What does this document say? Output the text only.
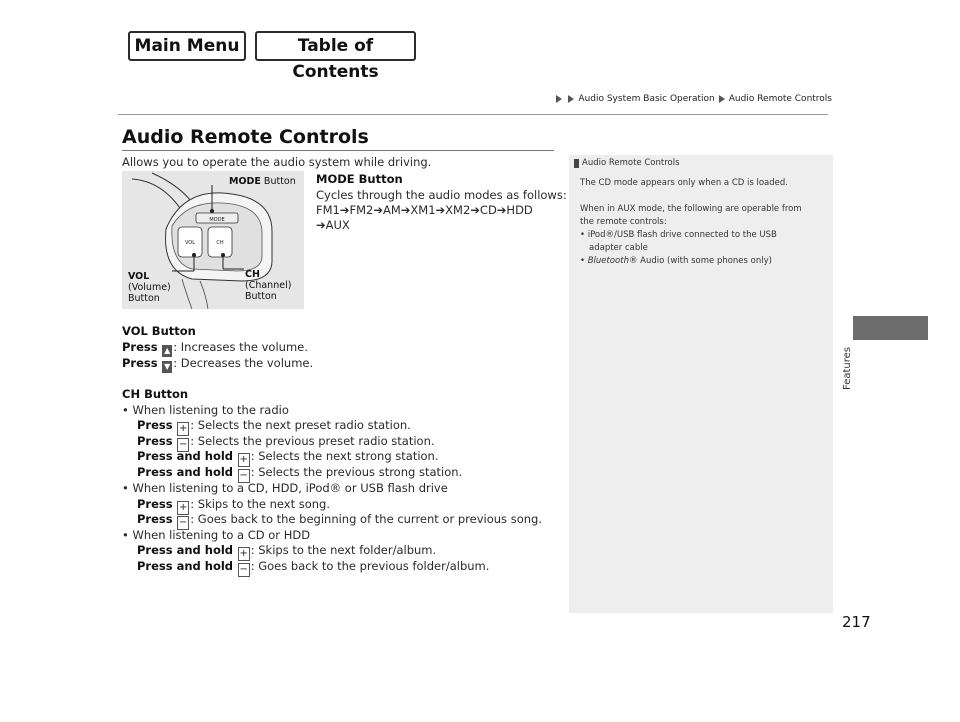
Main Menu	Table of Contents
Audio System Basic Operation Audio Remote Controls
Audio Remote Controls
Allows you to operate the audio system while driving.
MODE
VOL	CH
MODE Button
VOL
(Volume)
Button
CH
(Channel)
Button
MODE Button
Cycles through the audio modes as follows:
FM1➔FM2➔AM➔XM1➔XM2➔CD➔HDD
➔AUX
VOL Button
Press ▲ : Increases the volume.
Press ▼ : Decreases the volume.
CH Button
• When listening to the radio
Press + : Selects the next preset radio station.
Press − : Selects the previous preset radio station.
Press and hold + : Selects the next strong station.
Press and hold − : Selects the previous strong station.
• When listening to a CD, HDD, iPod® or USB flash drive
Press + : Skips to the next song.
Press − : Goes back to the beginning of the current or previous song.
• When listening to a CD or HDD
Press and hold + : Skips to the next folder/album.
Press and hold − : Goes back to the previous folder/album.
Audio Remote Controls
The CD mode appears only when a CD is loaded.
When in AUX mode, the following are operable from
the remote controls:
• iPod®/USB flash drive connected to the USB
adapter cable
• Bluetooth® Audio (with some phones only)
Features
217
